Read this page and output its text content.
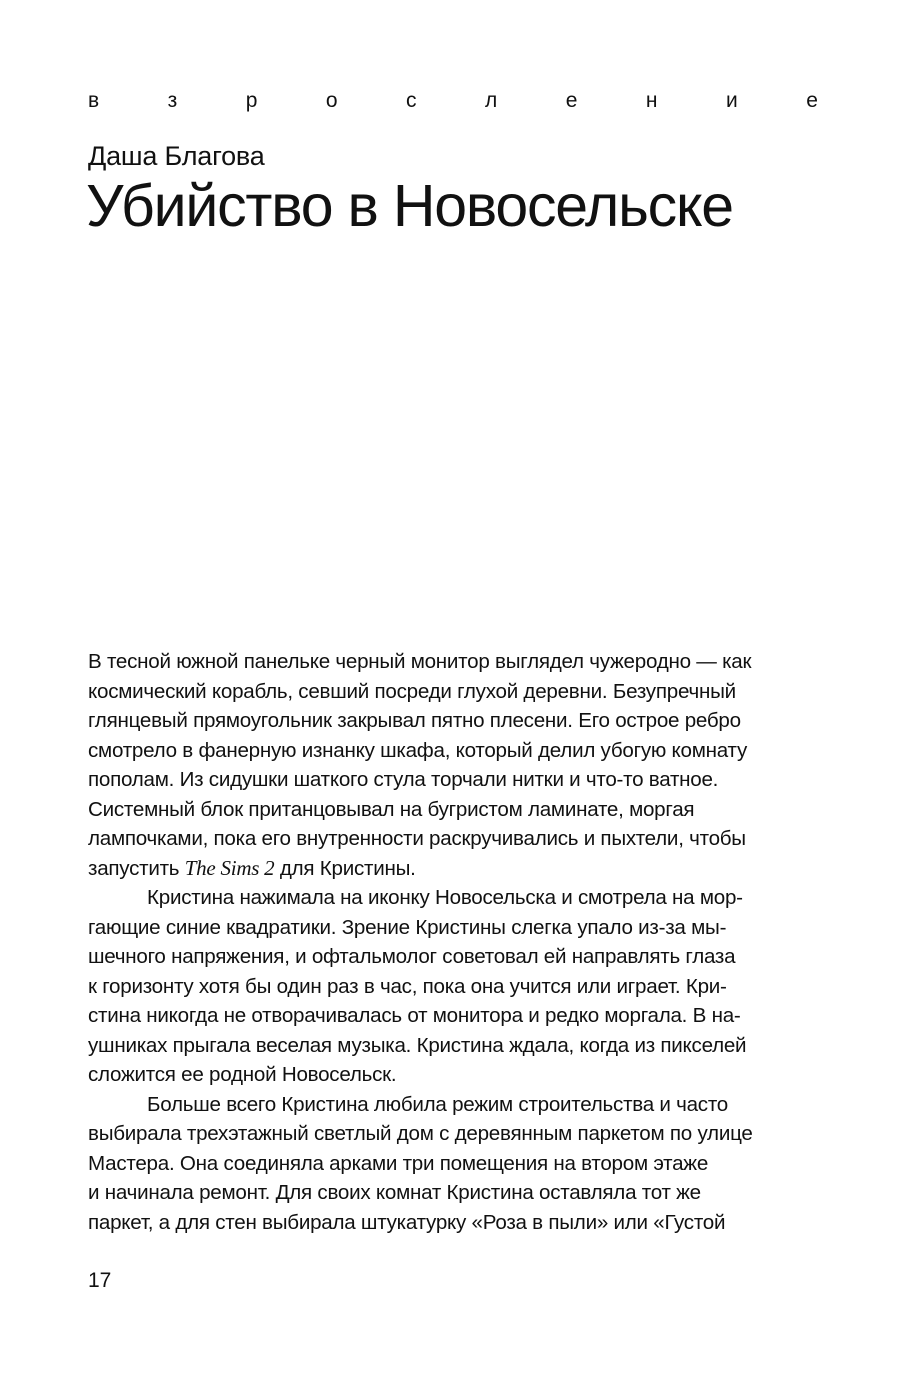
в	з	р	о	с	л	е	н	и	е
Даша Благова
Убийство в Новосельске
В тесной южной панельке черный монитор выглядел чужеродно — как
космический корабль, севший посреди глухой деревни. Безупречный
глянцевый прямоугольник закрывал пятно плесени. Его острое ребро
смотрело в фанерную изнанку шкафа, который делил убогую комнату
пополам. Из сидушки шаткого стула торчали нитки и что-то ватное.
Системный блок пританцовывал на бугристом ламинате, моргая
лампочками, пока его внутренности раскручивались и пыхтели, чтобы
запустить The Sims 2 для Кристины.
Кристина нажимала на иконку Новосельска и смотрела на мор-
гающие синие квадратики. Зрение Кристины слегка упало из-за мы-
шечного напряжения, и офтальмолог советовал ей направлять глаза
к горизонту хотя бы один раз в час, пока она учится или играет. Кри-
стина никогда не отворачивалась от монитора и редко моргала. В на-
ушниках прыгала веселая музыка. Кристина ждала, когда из пикселей
сложится ее родной Новосельск.
Больше всего Кристина любила режим строительства и часто
выбирала трехэтажный светлый дом с деревянным паркетом по улице
Мастера. Она соединяла арками три помещения на втором этаже
и начинала ремонт. Для своих комнат Кристина оставляла тот же
паркет, а для стен выбирала штукатурку «Роза в пыли» или «Густой
17
